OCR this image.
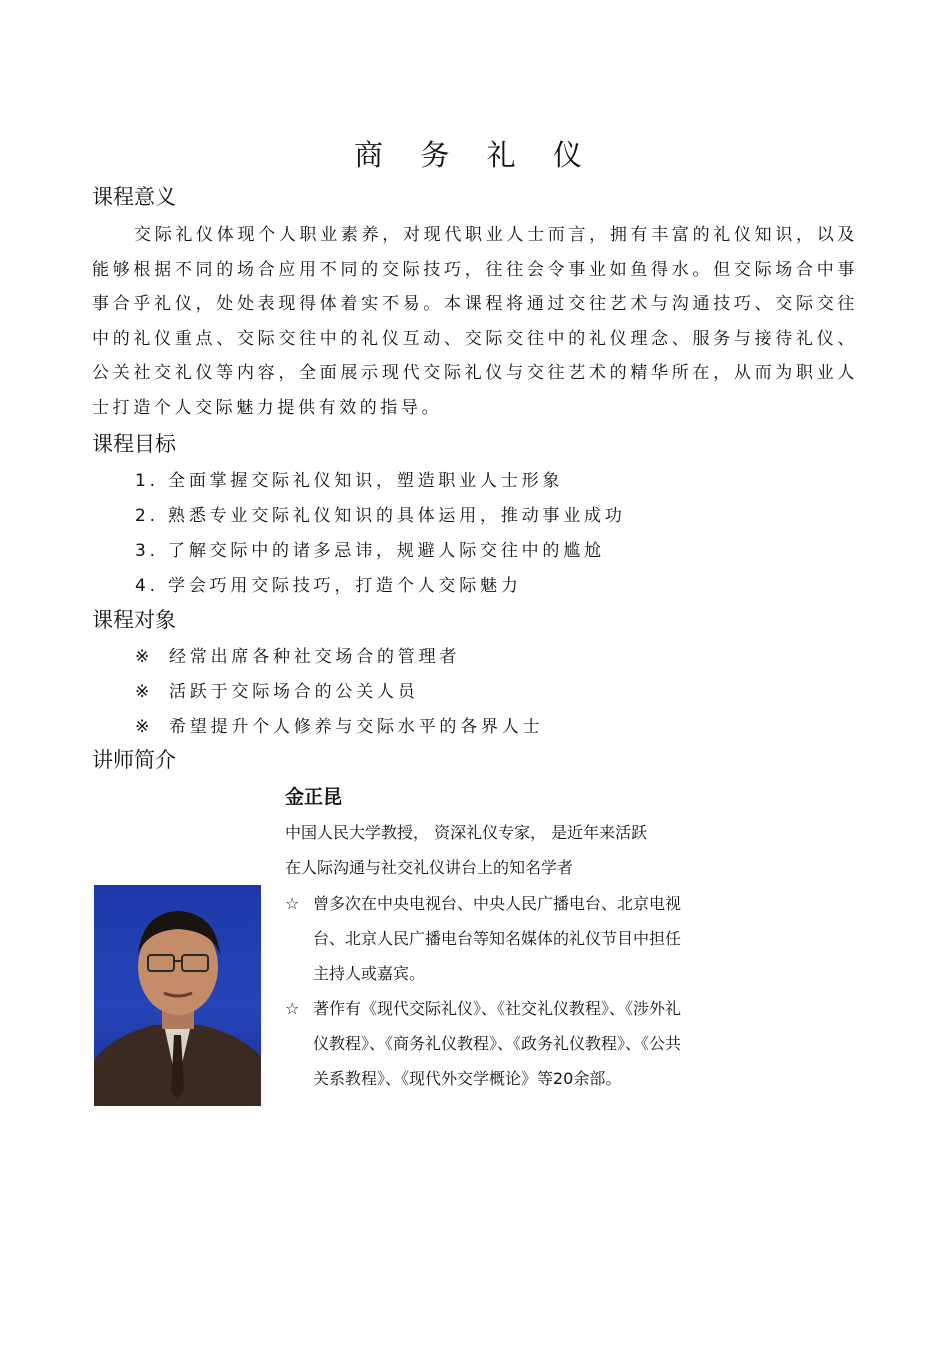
商 务 礼 仪
课程意义

交际礼仪体现个人职业素养，对现代职业人士而言，拥有丰富的礼仪知识，以及能够根据不同的场合应用不同的交际技巧，往往会令事业如鱼得水。但交际场合中事事合乎礼仪，处处表现得体着实不易。本课程将通过交往艺术与沟通技巧、交际交往中的礼仪重点、交际交往中的礼仪互动、交际交往中的礼仪理念、服务与接待礼仪、公关社交礼仪等内容，全面展示现代交际礼仪与交往艺术的精华所在，从而为职业人士打造个人交际魅力提供有效的指导。

课程目标
1. 全面掌握交际礼仪知识，塑造职业人士形象
2. 熟悉专业交际礼仪知识的具体运用，推动事业成功
3. 了解交际中的诸多忌讳，规避人际交往中的尴尬
4. 学会巧用交际技巧，打造个人交际魅力
课程对象
※ 经常出席各种社交场合的管理者
※ 活跃于交际场合的公关人员
※ 希望提升个人修养与交际水平的各界人士
讲师简介
金正昆

中国人民大学教授， 资深礼仪专家， 是近年来活跃

在人际沟通与社交礼仪讲台上的知名学者

☆ 曾多次在中央电视台、中央人民广播电台、北京电视台、北京人民广播电台等知名媒体的礼仪节目中担任主持人或嘉宾。
☆ 著作有《现代交际礼仪》、《社交礼仪教程》、《涉外礼仪教程》、《商务礼仪教程》、《政务礼仪教程》、《公共关系教程》、《现代外交学概论》等20余部。
